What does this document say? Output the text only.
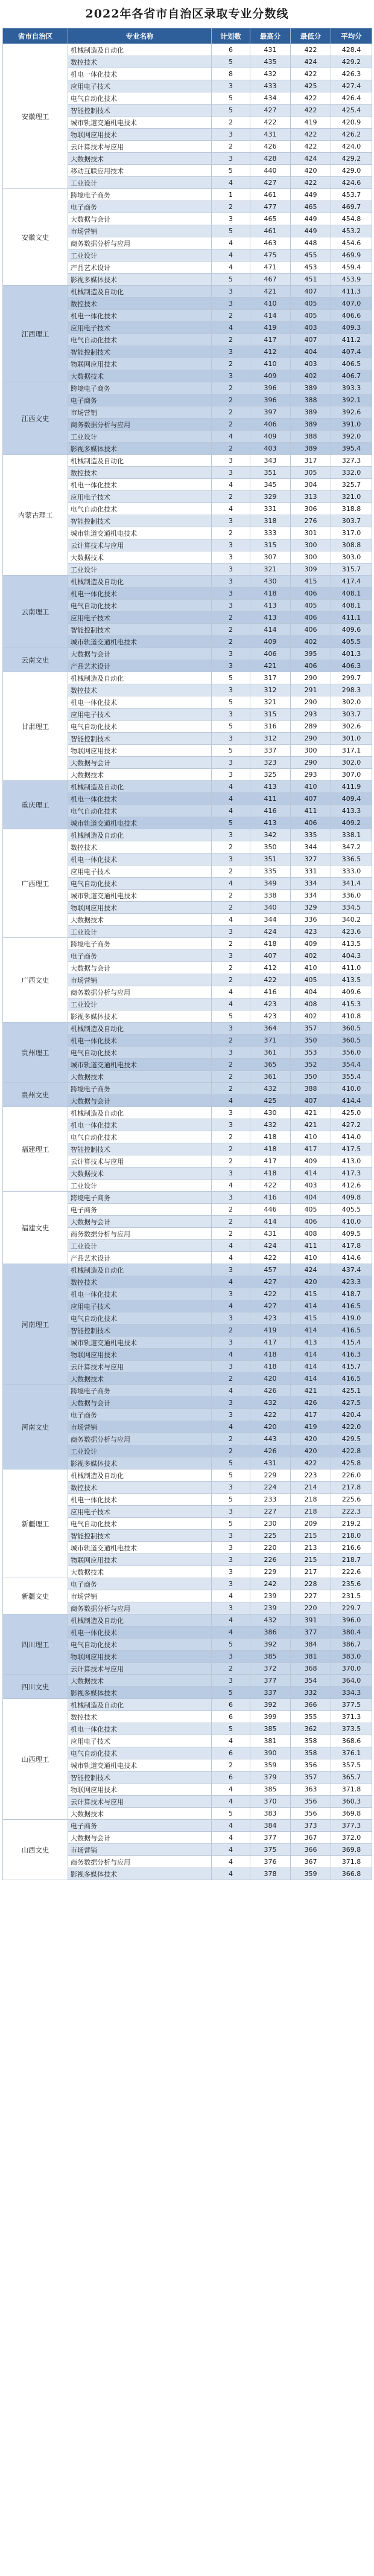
2022年各省市自治区录取专业分数线
省市自治区	专业名称	计划数	最高分	最低分	平均分
安徽理工	机械制造及自动化	6	431	422	428.4
	数控技术	5	435	424	429.2
	机电一体化技术	8	432	422	426.3
	应用电子技术	3	433	425	427.4
	电气自动化技术	5	434	422	426.4
	智能控制技术	5	427	422	425.4
	城市轨道交通机电技术	2	422	419	420.9
	物联网应用技术	3	431	422	426.2
	云计算技术与应用	2	426	422	424.0
	大数据技术	3	428	424	429.2
	移动互联应用技术	5	440	420	429.0
	工业设计	4	427	422	424.6
安徽文史	跨境电子商务	1	461	449	453.7
	电子商务	2	477	465	469.7
	大数据与会计	3	465	449	454.8
	市场营销	5	461	449	453.2
	商务数据分析与应用	4	463	448	454.6
	工业设计	4	475	455	469.9
	产品艺术设计	4	471	453	459.4
	影视多媒体技术	5	467	451	453.9
江西理工	机械制造及自动化	3	421	407	411.3
	数控技术	3	410	405	407.0
	机电一体化技术	2	414	405	406.6
	应用电子技术	4	419	403	409.3
	电气自动化技术	2	417	407	411.2
	智能控制技术	3	412	404	407.4
	物联网应用技术	2	410	403	406.5
	大数据技术	3	409	402	406.7
江西文史	跨境电子商务	2	396	389	393.3
	电子商务	2	396	388	392.1
	市场营销	2	397	389	392.6
	商务数据分析与应用	2	406	389	391.0
	工业设计	4	409	388	392.0
	影视多媒体技术	2	403	389	395.4
内蒙古理工	机械制造及自动化	3	343	317	327.3
	数控技术	3	351	305	332.0
	机电一体化技术	4	345	304	325.7
	应用电子技术	2	329	313	321.0
	电气自动化技术	4	331	306	318.8
	智能控制技术	3	318	276	303.7
	城市轨道交通机电技术	2	333	301	317.0
	云计算技术与应用	3	315	300	308.8
	大数据技术	3	307	300	303.0
	工业设计	3	321	309	315.7
云南理工	机械制造及自动化	3	430	415	417.4
	机电一体化技术	3	418	406	408.1
	电气自动化技术	3	413	405	408.1
	应用电子技术	2	413	406	411.1
	智能控制技术	2	414	406	409.6
	城市轨道交通机电技术	2	409	402	405.5
云南文史	大数据与会计	3	406	395	401.3
	产品艺术设计	3	421	406	406.3
甘肃理工	机械制造及自动化	5	317	290	299.7
	数控技术	3	312	291	298.3
	机电一体化技术	5	321	290	302.0
	应用电子技术	3	315	293	303.7
	电气自动化技术	5	316	289	302.6
	智能控制技术	3	312	290	301.0
	物联网应用技术	5	337	300	317.1
	大数据与会计	3	323	290	302.0
	大数据技术	3	325	293	307.0
重庆理工	机械制造及自动化	4	413	410	411.9
	机电一体化技术	4	411	407	409.4
	电气自动化技术	4	416	411	413.3
	城市轨道交通机电技术	5	413	406	409.2
广西理工	机械制造及自动化	3	342	335	338.1
	数控技术	2	350	344	347.2
	机电一体化技术	3	351	327	336.5
	应用电子技术	2	335	331	333.0
	电气自动化技术	4	349	334	341.4
	城市轨道交通机电技术	2	338	334	336.0
	物联网应用技术	2	340	329	334.5
	大数据技术	4	344	336	340.2
	工业设计	3	424	423	423.6
广西文史	跨境电子商务	2	418	409	413.5
	电子商务	3	407	402	404.3
	大数据与会计	2	412	410	411.0
	市场营销	2	422	405	413.5
	商务数据分析与应用	4	416	404	409.6
	工业设计	4	423	408	415.3
	影视多媒体技术	5	423	402	410.8
贵州理工	机械制造及自动化	3	364	357	360.5
	机电一体化技术	2	371	350	360.5
	电气自动化技术	3	361	353	356.0
	城市轨道交通机电技术	2	365	352	354.4
	大数据技术	2	361	350	355.4
贵州文史	跨境电子商务	2	432	388	410.0
	大数据与会计	4	425	407	414.4
福建理工	机械制造及自动化	3	430	421	425.0
	机电一体化技术	3	432	421	427.2
	电气自动化技术	2	418	410	414.0
	智能控制技术	2	418	417	417.5
	云计算技术与应用	2	417	409	413.0
	大数据技术	3	418	414	417.3
	工业设计	4	422	403	412.6
福建文史	跨境电子商务	3	416	404	409.8
	电子商务	2	446	405	405.5
	大数据与会计	2	414	406	410.0
	商务数据分析与应用	2	431	408	409.5
	工业设计	4	424	411	417.8
	产品艺术设计	4	422	410	414.6
河南理工	机械制造及自动化	3	457	424	437.4
	数控技术	4	427	420	423.3
	机电一体化技术	3	422	415	418.7
	应用电子技术	4	427	414	416.5
	电气自动化技术	3	423	415	419.0
	智能控制技术	2	419	414	416.5
	城市轨道交通机电技术	3	417	413	415.4
	物联网应用技术	4	418	414	416.3
	云计算技术与应用	3	418	414	415.7
	大数据技术	2	420	414	416.5
河南文史	跨境电子商务	4	426	421	425.1
	大数据与会计	3	432	426	427.5
	电子商务	3	422	417	420.4
	市场营销	4	420	419	422.0
	商务数据分析与应用	2	443	420	429.5
	工业设计	2	426	420	422.8
	影视多媒体技术	5	431	422	425.8
新疆理工	机械制造及自动化	5	229	223	226.0
	数控技术	3	224	214	217.8
	机电一体化技术	5	233	218	225.6
	应用电子技术	3	227	218	222.3
	电气自动化技术	5	230	209	219.2
	智能控制技术	3	225	215	218.0
	城市轨道交通机电技术	3	220	213	216.6
	物联网应用技术	3	226	215	218.7
	大数据技术	3	229	217	222.6
新疆文史	电子商务	3	242	228	235.6
	市场营销	4	239	227	231.5
	商务数据分析与应用	3	239	220	229.7
四川理工	机械制造及自动化	4	432	391	396.0
	机电一体化技术	4	386	377	380.4
	电气自动化技术	5	392	384	386.7
	物联网应用技术	3	385	381	383.0
	云计算技术与应用	2	372	368	370.0
四川文史	大数据技术	3	377	354	364.0
	影视多媒体技术	5	337	332	334.3
山西理工	机械制造及自动化	6	392	366	377.5
	数控技术	6	399	355	371.3
	机电一体化技术	5	385	362	373.5
	应用电子技术	4	381	358	368.6
	电气自动化技术	6	390	358	376.1
	城市轨道交通机电技术	2	359	356	357.5
	智能控制技术	6	379	357	365.7
	物联网应用技术	4	385	363	371.8
	云计算技术与应用	4	370	356	360.3
	大数据技术	5	383	356	369.8
山西文史	电子商务	4	384	373	377.3
	大数据与会计	4	377	367	372.0
	市场营销	4	375	366	369.8
	商务数据分析与应用	4	376	367	371.8
	影视多媒体技术	4	378	359	366.8
